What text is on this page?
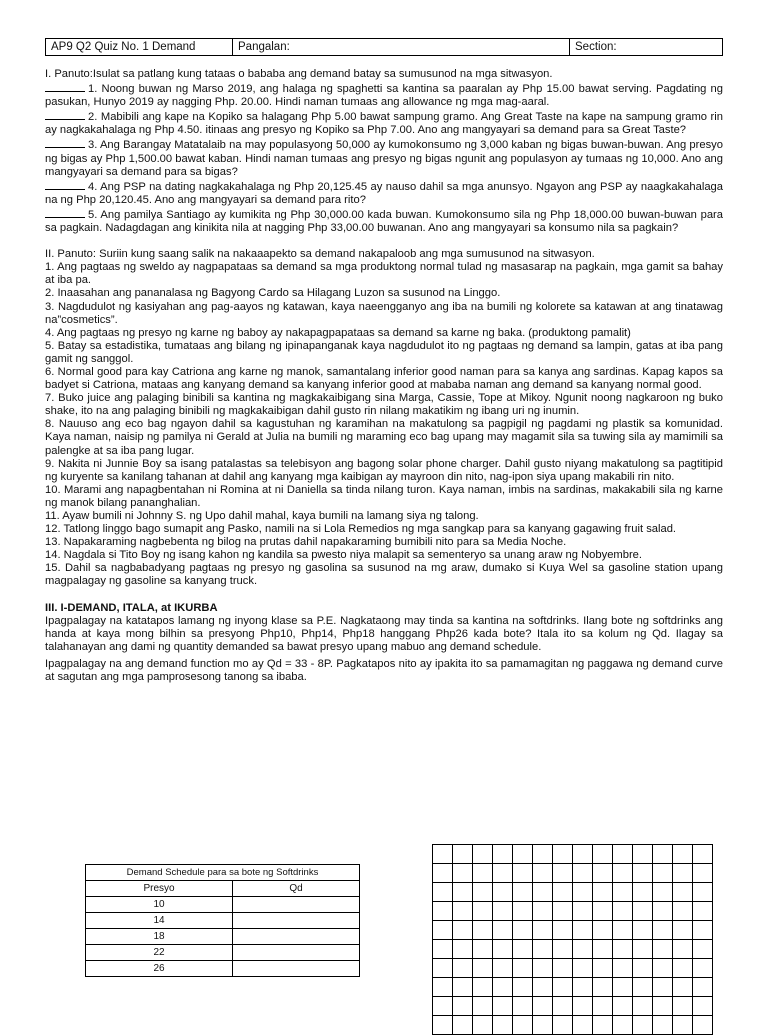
AP9 Q2 Quiz No. 1 Demand	Pangalan:	Section:

I. Panuto:Isulat sa patlang kung tataas o bababa ang demand batay sa sumusunod na mga sitwasyon.

1. Noong buwan ng Marso 2019, ang halaga ng spaghetti sa kantina sa paaralan ay Php 15.00 bawat serving. Pagdating ng pasukan, Hunyo 2019 ay nagging Php. 20.00. Hindi naman tumaas ang allowance ng mga mag-aaral.

2. Mabibili ang kape na Kopiko sa halagang Php 5.00 bawat sampung gramo. Ang Great Taste na kape na sampung gramo rin ay nagkakahalaga ng Php 4.50. itinaas ang presyo ng Kopiko sa Php 7.00. Ano ang mangyayari sa demand para sa Great Taste?

3. Ang Barangay Matatalaib na may populasyong 50,000 ay kumokonsumo ng 3,000 kaban ng bigas buwan-buwan. Ang presyo ng bigas ay Php 1,500.00 bawat kaban. Hindi naman tumaas ang presyo ng bigas ngunit ang populasyon ay tumaas ng 10,000. Ano ang mangyayari sa demand para sa bigas?

4. Ang PSP na dating nagkakahalaga ng Php 20,125.45 ay nauso dahil sa mga anunsyo. Ngayon ang PSP ay naagkakahalaga na ng Php 20,120.45. Ano ang mangyayari sa demand para rito?

5. Ang pamilya Santiago ay kumikita ng Php 30,000.00 kada buwan. Kumokonsumo sila ng Php 18,000.00 buwan-buwan para sa pagkain. Nadagdagan ang kinikita nila at nagging Php 33,00.00 buwanan. Ano ang mangyayari sa konsumo nila sa pagkain?

II. Panuto: Suriin kung saang salik na nakaaapekto sa demand nakapaloob ang mga sumusunod na sitwasyon.

1. Ang pagtaas ng sweldo ay nagpapataas sa demand sa mga produktong normal tulad ng masasarap na pagkain, mga gamit sa bahay at iba pa.

2. Inaasahan ang pananalasa ng Bagyong Cardo sa Hilagang Luzon sa susunod na Linggo.

3. Nagdudulot ng kasiyahan ang pag-aayos ng katawan, kaya naeengganyo ang iba na bumili ng kolorete sa katawan at ang tinatawag na”cosmetics”.

4. Ang pagtaas ng presyo ng karne ng baboy ay nakapagpapataas sa demand sa karne ng baka. (produktong pamalit)

5. Batay sa estadistika, tumataas ang bilang ng ipinapanganak kaya nagdudulot ito ng pagtaas ng demand sa lampin, gatas at iba pang gamit ng sanggol.

6. Normal good para kay Catriona ang karne ng manok, samantalang inferior good naman para sa kanya ang sardinas. Kapag kapos sa badyet si Catriona, mataas ang kanyang demand sa kanyang inferior good at mababa naman ang demand sa kanyang normal good.

7. Buko juice ang palaging binibili sa kantina ng magkakaibigang sina Marga, Cassie, Tope at Mikoy. Ngunit noong nagkaroon ng buko shake, ito na ang palaging binibili ng magkakaibigan dahil gusto rin nilang makatikim ng ibang uri ng inumin.

8. Nauuso ang eco bag ngayon dahil sa kagustuhan ng karamihan na makatulong sa pagpigil ng pagdami ng plastik sa komunidad. Kaya naman, naisip ng pamilya ni Gerald at Julia na bumili ng maraming eco bag upang may magamit sila sa tuwing sila ay mamimili sa palengke at sa iba pang lugar.

9. Nakita ni Junnie Boy sa isang patalastas sa telebisyon ang bagong solar phone charger. Dahil gusto niyang makatulong sa pagtitipid ng kuryente sa kanilang tahanan at dahil ang kanyang mga kaibigan ay mayroon din nito, nag-ipon siya upang makabili rin nito.

10. Marami ang napagbentahan ni Romina at ni Daniella sa tinda nilang turon. Kaya naman, imbis na sardinas, makakabili sila ng karne ng manok bilang pananghalian.

11. Ayaw bumili ni Johnny S. ng Upo dahil mahal, kaya bumili na lamang siya ng talong.

12. Tatlong linggo bago sumapit ang Pasko, namili na si Lola Remedios ng mga sangkap para sa kanyang gagawing fruit salad.

13. Napakaraming nagbebenta ng bilog na prutas dahil napakaraming bumibili nito para sa Media Noche.

14. Nagdala si Tito Boy ng isang kahon ng kandila sa pwesto niya malapit sa sementeryo sa unang araw ng Nobyembre.

15. Dahil sa nagbabadyang pagtaas ng presyo ng gasolina sa susunod na mg araw, dumako si Kuya Wel sa gasoline station upang magpalagay ng gasoline sa kanyang truck.

III. I-DEMAND, ITALA, at IKURBA

Ipagpalagay na katatapos lamang ng inyong klase sa P.E. Nagkataong may tinda sa kantina na softdrinks. Ilang bote ng softdrinks ang handa at kaya mong bilhin sa presyong Php10, Php14, Php18 hanggang Php26 kada bote? Itala ito sa kolum ng Qd. Ilagay sa talahanayan ang dami ng quantity demanded sa bawat presyo upang mabuo ang demand schedule.

Ipagpalagay na ang demand function mo ay Qd = 33 - 8P. Pagkatapos nito ay ipakita ito sa pamamagitan ng paggawa ng demand curve at sagutan ang mga pamprosesong tanong sa ibaba.

Demand Schedule para sa bote ng Softdrinks	
Presyo	Qd
10	
14	
18	
22	
26	
